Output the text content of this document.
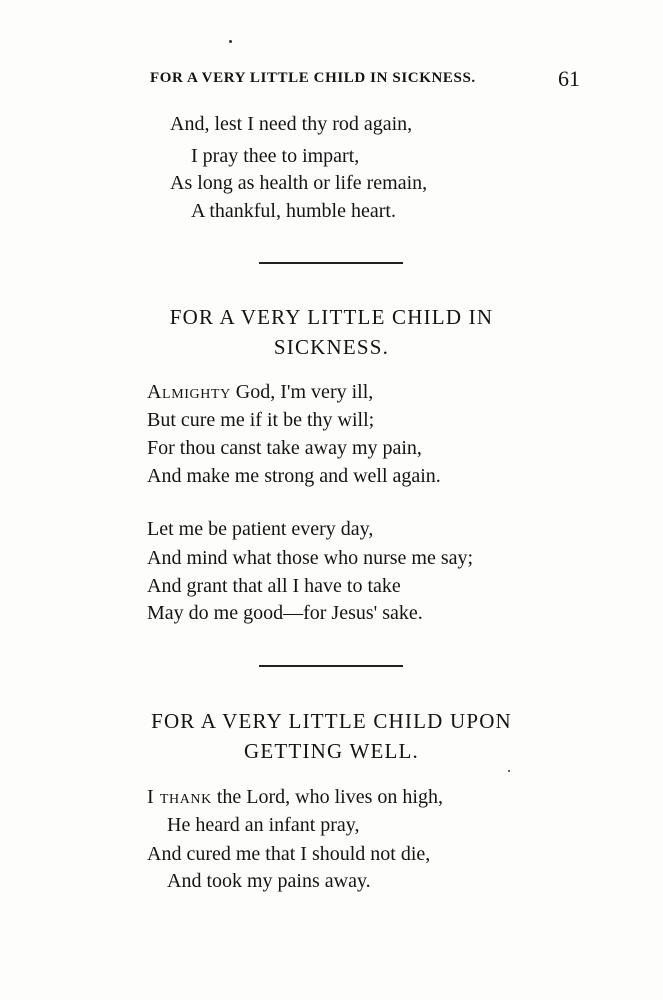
FOR A VERY LITTLE CHILD IN SICKNESS.	61
And, lest I need thy rod again,
I pray thee to impart,
As long as health or life remain,
A thankful, humble heart.
FOR A VERY LITTLE CHILD IN
SICKNESS.
Almighty God, I'm very ill,
But cure me if it be thy will;
For thou canst take away my pain,
And make me strong and well again.
Let me be patient every day,
And mind what those who nurse me say;
And grant that all I have to take
May do me good—for Jesus' sake.
FOR A VERY LITTLE CHILD UPON
GETTING WELL.
I thank the Lord, who lives on high,
He heard an infant pray,
And cured me that I should not die,
And took my pains away.
